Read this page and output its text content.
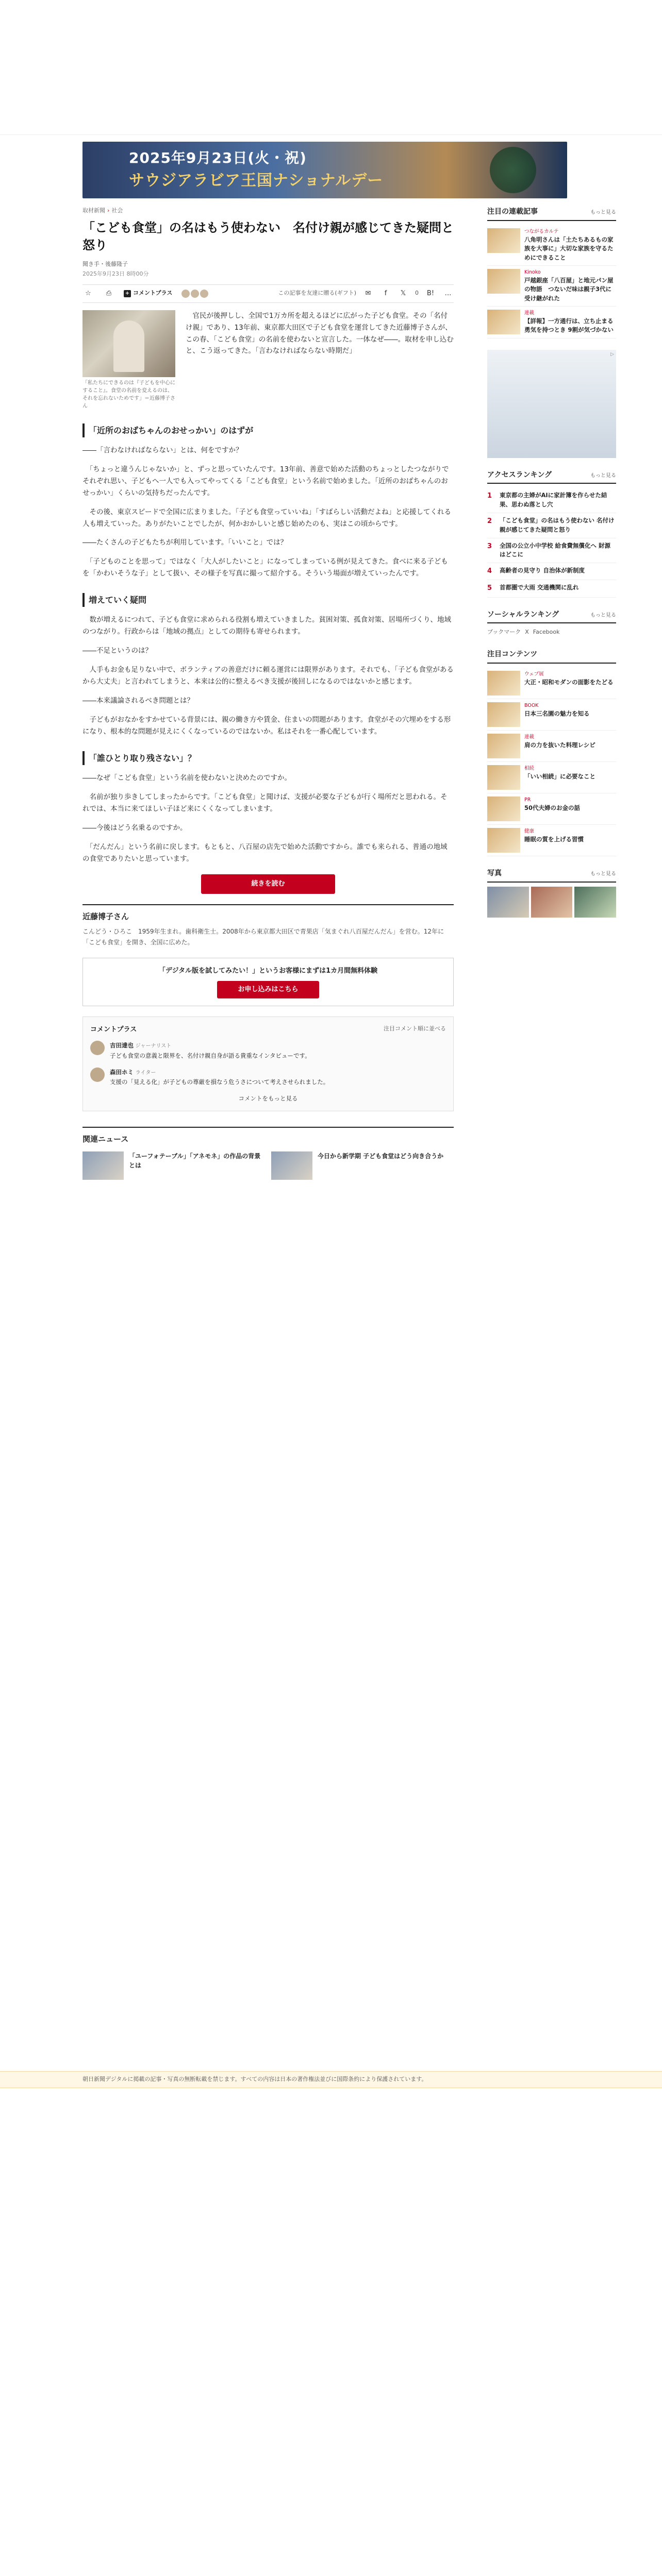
2025年9月23日(火・祝)
サウジアラビア王国ナショナルデー
取材新聞 › 社会
「こども食堂」の名はもう使わない　名付け親が感じてきた疑問と怒り
聞き手・後藤隆子
2025年9月23日 8時00分
☆	⎙	+ コメントプラス	この記事を友達に贈る(ギフト)	✉	f	𝕏	0	B!	…
「私たちにできるのは『子どもを中心にすること』。食堂の名前を変えるのは、それを忘れないためです」＝近藤博子さん

　官民が後押しし、全国で1万カ所を超えるほどに広がった子ども食堂。その「名付け親」であり、13年前、東京都大田区で子ども食堂を運営してきた近藤博子さんが、この春、「こども食堂」の名前を使わないと宣言した。一体なぜ――。取材を申し込むと、こう返ってきた。「言わなければならない時期だ」

「近所のおばちゃんのおせっかい」のはずが

――「言わなければならない」とは、何をですか？

　「ちょっと違うんじゃないか」と、ずっと思っていたんです。13年前、善意で始めた活動のちょっとしたつながりでそれぞれ思い、子どもへ一人でも入ってやってくる「こども食堂」という名前で始めました。「近所のおばちゃんのおせっかい」くらいの気持ちだったんです。

　その後、東京スピードで全国に広まりました。「子ども食堂っていいね」「すばらしい活動だよね」と応援してくれる人も増えていった。ありがたいことでしたが、何かおかしいと感じ始めたのも、実はこの頃からです。

――たくさんの子どもたちが利用しています。「いいこと」では？

　「子どものことを思って」ではなく「大人がしたいこと」になってしまっている例が見えてきた。食べに来る子どもを「かわいそうな子」として扱い、その様子を写真に撮って紹介する。そういう場面が増えていったんです。

増えていく疑問

　数が増えるにつれて、子ども食堂に求められる役割も増えていきました。貧困対策、孤食対策、居場所づくり、地域のつながり。行政からは「地域の拠点」としての期待も寄せられます。

――不足というのは？

　人手もお金も足りない中で、ボランティアの善意だけに頼る運営には限界があります。それでも、「子ども食堂があるから大丈夫」と言われてしまうと、本来は公的に整えるべき支援が後回しになるのではないかと感じます。

――本来議論されるべき問題とは？

　子どもがおなかをすかせている背景には、親の働き方や賃金、住まいの問題があります。食堂がその穴埋めをする形になり、根本的な問題が見えにくくなっているのではないか。私はそれを一番心配しています。

「誰ひとり取り残さない」？

――なぜ「こども食堂」という名前を使わないと決めたのですか。

　名前が独り歩きしてしまったからです。「こども食堂」と聞けば、支援が必要な子どもが行く場所だと思われる。それでは、本当に来てほしい子ほど来にくくなってしまいます。

――今後はどう名乗るのですか。

　「だんだん」という名前に戻します。もともと、八百屋の店先で始めた活動ですから。誰でも来られる、普通の地域の食堂でありたいと思っています。

続きを読む
近藤博子さん

こんどう・ひろこ　1959年生まれ。歯科衛生士。2008年から東京都大田区で青果店「気まぐれ八百屋だんだん」を営む。12年に「こども食堂」を開き、全国に広めた。

「デジタル版を試してみたい！」というお客様にまずは1カ月間無料体験
お申し込みはこちら
コメントプラス	注目コメント順に並べる
吉田達也 ジャーナリスト
子ども食堂の意義と限界を、名付け親自身が語る貴重なインタビューです。
森田ホミ ライター
支援の「見える化」が子どもの尊厳を損なう危うさについて考えさせられました。
コメントをもっと見る
関連ニュース
「ユーフォテーブル」「アネモネ」の作品の背景とは
今日から新学期 子ども食堂はどう向き合うか
注目の連載記事	もっと見る
つながるカルテ
八角明さんは「土たちあるもの家族を大事に」大切な家族を守るためにできること
Kinoko
戸越銀座「八百屋」と地元パン屋の物語　つないだ味は親子3代に受け継がれた
連載
【詳報】一方通行は、立ち止まる勇気を持つとき 9割が気づかない
▷
アクセスランキング	もっと見る
1	東京都の主婦がAIに家計簿を作らせた結果、思わぬ落とし穴
2	「こども食堂」の名はもう使わない 名付け親が感じてきた疑問と怒り
3	全国の公立小中学校 給食費無償化へ 財源はどこに
4	高齢者の見守り 自治体が新制度
5	首都圏で大雨 交通機関に乱れ
ソーシャルランキング	もっと見る
ブックマーク X Facebook
注目コンテンツ
ウェブ展
大正・昭和モダンの面影をたどる
BOOK
日本三名園の魅力を知る
連載
肩の力を抜いた料理レシピ
相続
「いい相続」に必要なこと
PR
50代夫婦のお金の話
健康
睡眠の質を上げる習慣
写真	もっと見る
朝日新聞デジタルに掲載の記事・写真の無断転載を禁じます。すべての内容は日本の著作権法並びに国際条約により保護されています。
